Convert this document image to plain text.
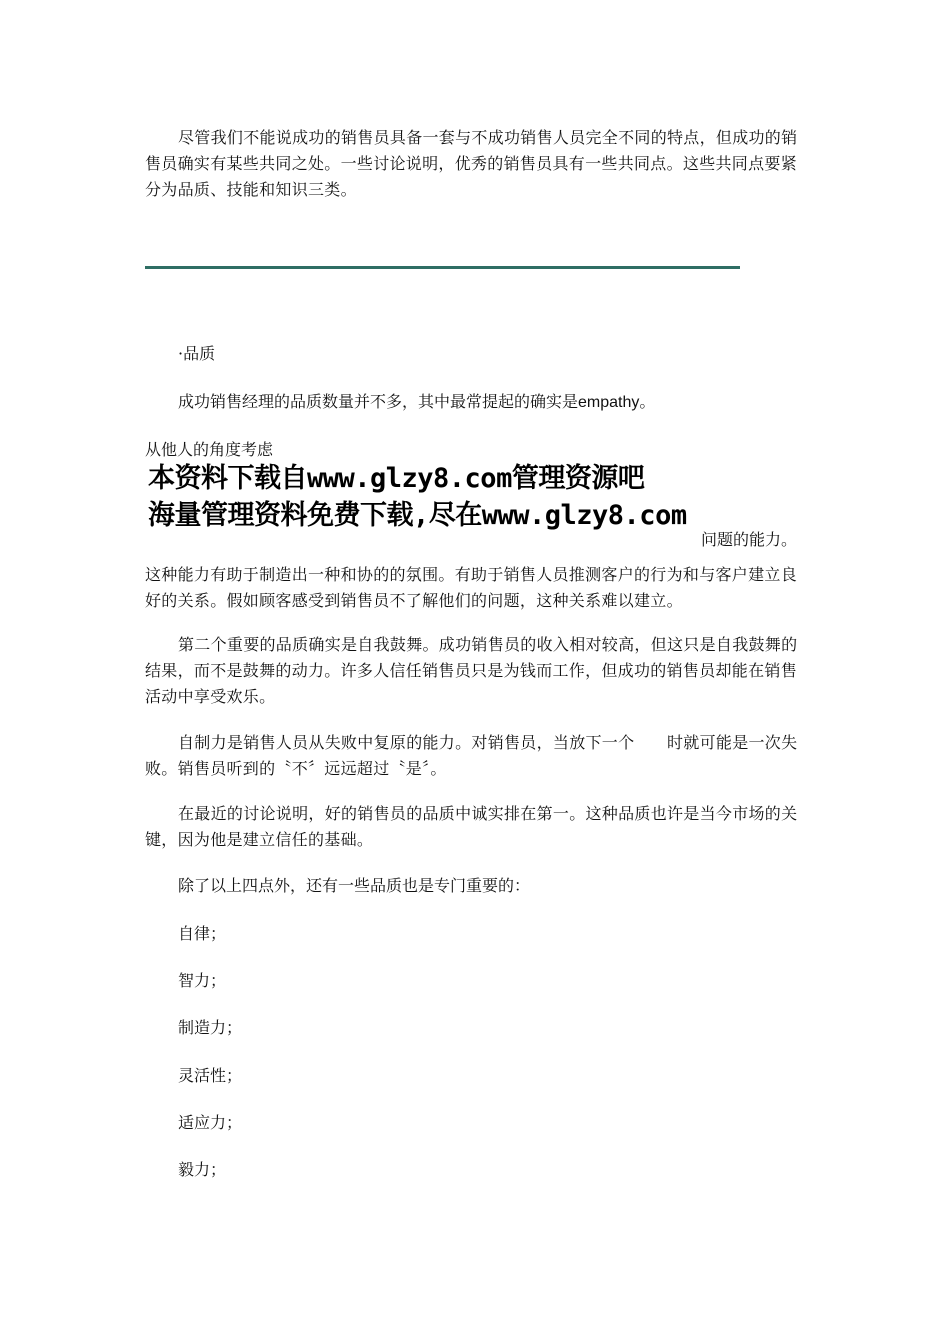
尽管我们不能说成功的销售员具备一套与不成功销售人员完全不同的特点，但成功的销售员确实有某些共同之处。一些讨论说明，优秀的销售员具有一些共同点。这些共同点要紧分为品质、技能和知识三类。

·品质

成功销售经理的品质数量并不多，其中最常提起的确实是empathy。

从他人的角度考虑

本资料下载自www.glzy8.com管理资源吧
海量管理资料免费下载,尽在www.glzy8.com

问题的能力。

这种能力有助于制造出一种和协的的氛围。有助于销售人员推测客户的行为和与客户建立良好的关系。假如顾客感受到销售员不了解他们的问题，这种关系难以建立。

第二个重要的品质确实是自我鼓舞。成功销售员的收入相对较高，但这只是自我鼓舞的结果，而不是鼓舞的动力。许多人信任销售员只是为钱而工作，但成功的销售员却能在销售活动中享受欢乐。

自制力是销售人员从失败中复原的能力。对销售员，当放下一个　　时就可能是一次失败。销售员听到的〝不〞远远超过〝是〞。

在最近的讨论说明，好的销售员的品质中诚实排在第一。这种品质也许是当今市场的关键，因为他是建立信任的基础。

除了以上四点外，还有一些品质也是专门重要的：

自律；

智力；

制造力；

灵活性；

适应力；

毅力；
